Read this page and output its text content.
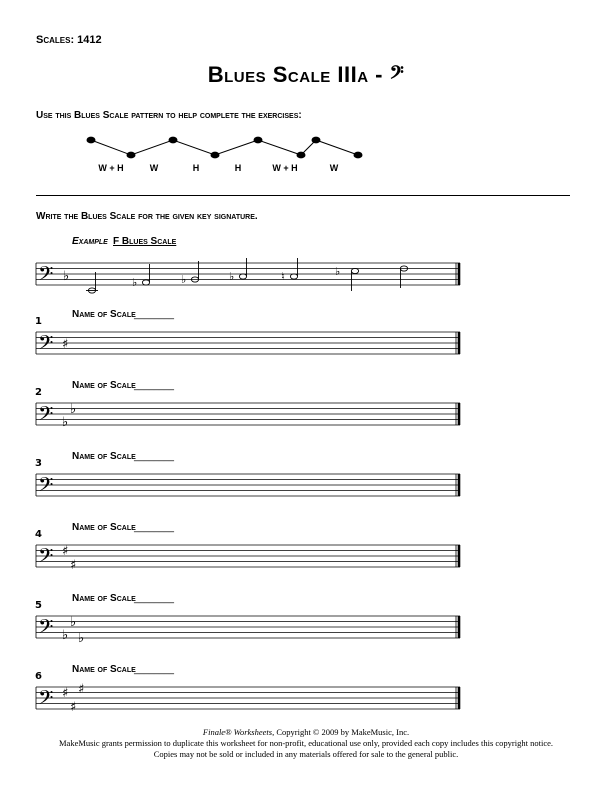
Scales: 1412
Blues Scale IIIa - 𝄢
Use this Blues Scale pattern to help complete the exercises:
W + H	W	H	H	W + H	W
Write the Blues Scale for the given key signature.
Example F Blues Scale
𝄢 ♭	♭	♭	♭	♮	♭
1
Name of Scale
________
𝄢 ♯
2
Name of Scale
________
𝄢 ♭
♭
3
Name of Scale
________
𝄢
4
Name of Scale
________
𝄢 ♯
♯
5
Name of Scale
________
𝄢 ♭
♭
♭
6
Name of Scale
________
𝄢 ♯
♯
♯
Finale® Worksheets, Copyright © 2009 by MakeMusic, Inc.
MakeMusic grants permission to duplicate this worksheet for non-profit, educational use only, provided each copy includes this copyright notice.
Copies may not be sold or included in any materials offered for sale to the general public.
